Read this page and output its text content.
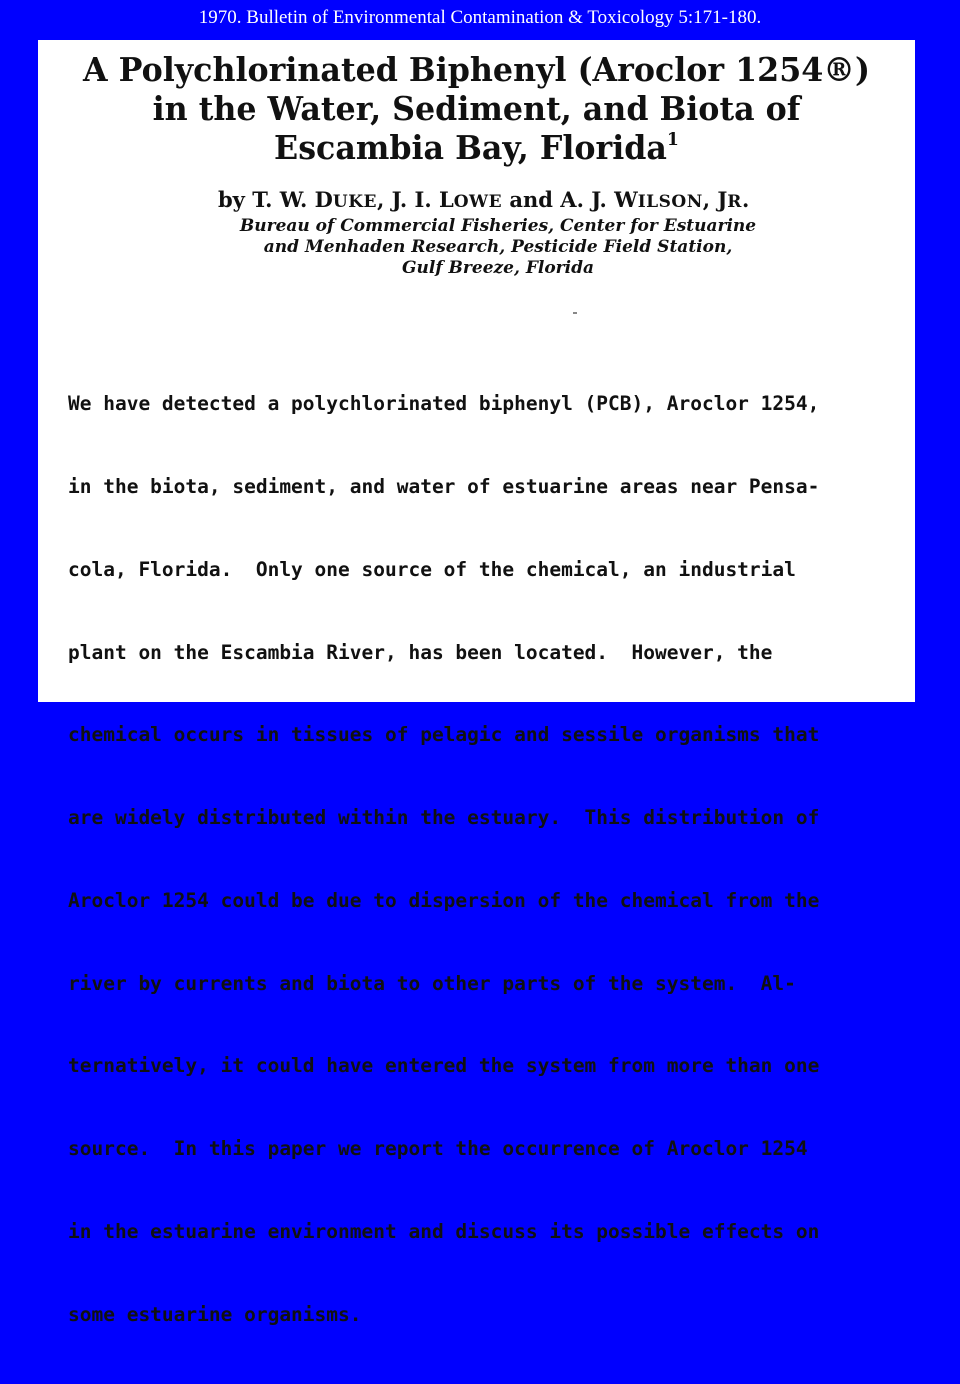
1970. Bulletin of Environmental Contamination & Toxicology 5:171-180.
A Polychlorinated Biphenyl (Aroclor 1254®)
in the Water, Sediment, and Biota of
Escambia Bay, Florida$^1$
by T. W. DUKE, J. I. LOWE and A. J. WILSON, JR.
Bureau of Commercial Fisheries, Center for Estuarine
and Menhaden Research, Pesticide Field Station,
Gulf Breeze, Florida

We have detected a polychlorinated biphenyl (PCB), Aroclor 1254,

in the biota, sediment, and water of estuarine areas near Pensa-

cola, Florida.  Only one source of the chemical, an industrial

plant on the Escambia River, has been located.  However, the

chemical occurs in tissues of pelagic and sessile organisms that

are widely distributed within the estuary.  This distribution of

Aroclor 1254 could be due to dispersion of the chemical from the

river by currents and biota to other parts of the system.  Al-

ternatively, it could have entered the system from more than one

source.  In this paper we report the occurrence of Aroclor 1254

in the estuarine environment and discuss its possible effects on

some estuarine organisms.
